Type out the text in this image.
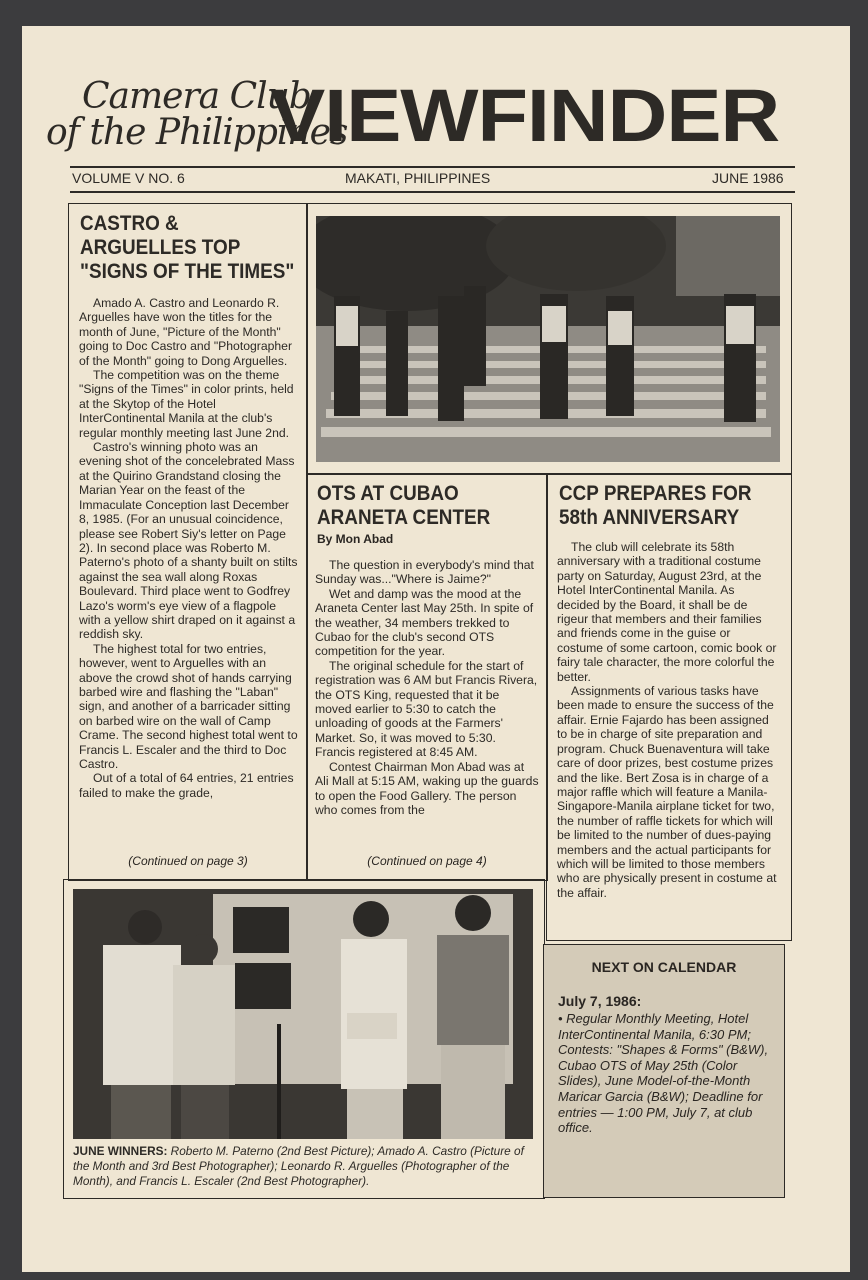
Camera Club
of the Philippines
VIEWFINDER
VOLUME V NO. 6	MAKATI, PHILIPPINES	JUNE 1986
CASTRO & ARGUELLES TOP "SIGNS OF THE TIMES"

Amado A. Castro and Leonardo R. Arguelles have won the titles for the month of June, "Picture of the Month" going to Doc Castro and "Photographer of the Month" going to Dong Arguelles.

The competition was on the theme "Signs of the Times" in color prints, held at the Skytop of the Hotel InterContinental Manila at the club's regular monthly meeting last June 2nd.

Castro's winning photo was an evening shot of the concelebrated Mass at the Quirino Grandstand closing the Marian Year on the feast of the Immaculate Conception last December 8, 1985. (For an unusual coincidence, please see Robert Siy's letter on Page 2). In second place was Roberto M. Paterno's photo of a shanty built on stilts against the sea wall along Roxas Boulevard. Third place went to Godfrey Lazo's worm's eye view of a flagpole with a yellow shirt draped on it against a reddish sky.

The highest total for two entries, however, went to Arguelles with an above the crowd shot of hands carrying barbed wire and flashing the "Laban" sign, and another of a barricader sitting on barbed wire on the wall of Camp Crame. The second highest total went to Francis L. Escaler and the third to Doc Castro.

Out of a total of 64 entries, 21 entries failed to make the grade,

(Continued on page 3)
OTS AT CUBAO ARANETA CENTER
By Mon Abad

The question in everybody's mind that Sunday was..."Where is Jaime?"

Wet and damp was the mood at the Araneta Center last May 25th. In spite of the weather, 34 members trekked to Cubao for the club's second OTS competition for the year.

The original schedule for the start of registration was 6 AM but Francis Rivera, the OTS King, requested that it be moved earlier to 5:30 to catch the unloading of goods at the Farmers' Market. So, it was moved to 5:30. Francis registered at 8:45 AM.

Contest Chairman Mon Abad was at Ali Mall at 5:15 AM, waking up the guards to open the Food Gallery. The person who comes from the

(Continued on page 4)
CCP PREPARES FOR 58th ANNIVERSARY

The club will celebrate its 58th anniversary with a traditional costume party on Saturday, August 23rd, at the Hotel InterContinental Manila. As decided by the Board, it shall be de rigeur that members and their families and friends come in the guise or costume of some cartoon, comic book or fairy tale character, the more colorful the better.

Assignments of various tasks have been made to ensure the success of the affair. Ernie Fajardo has been assigned to be in charge of site preparation and program. Chuck Buenaventura will take care of door prizes, best costume prizes and the like. Bert Zosa is in charge of a major raffle which will feature a Manila-Singapore-Manila airplane ticket for two, the number of raffle tickets for which will be limited to the number of dues-paying members and the actual participants for which will be limited to those members who are physically present in costume at the affair.

JUNE WINNERS: Roberto M. Paterno (2nd Best Picture); Amado A. Castro (Picture of the Month and 3rd Best Photographer); Leonardo R. Arguelles (Photographer of the Month), and Francis L. Escaler (2nd Best Photographer).
NEXT ON CALENDAR
July 7, 1986:
• Regular Monthly Meeting, Hotel InterContinental Manila, 6:30 PM; Contests: "Shapes & Forms" (B&W), Cubao OTS of May 25th (Color Slides), June Model-of-the-Month Maricar Garcia (B&W); Deadline for entries — 1:00 PM, July 7, at club office.
